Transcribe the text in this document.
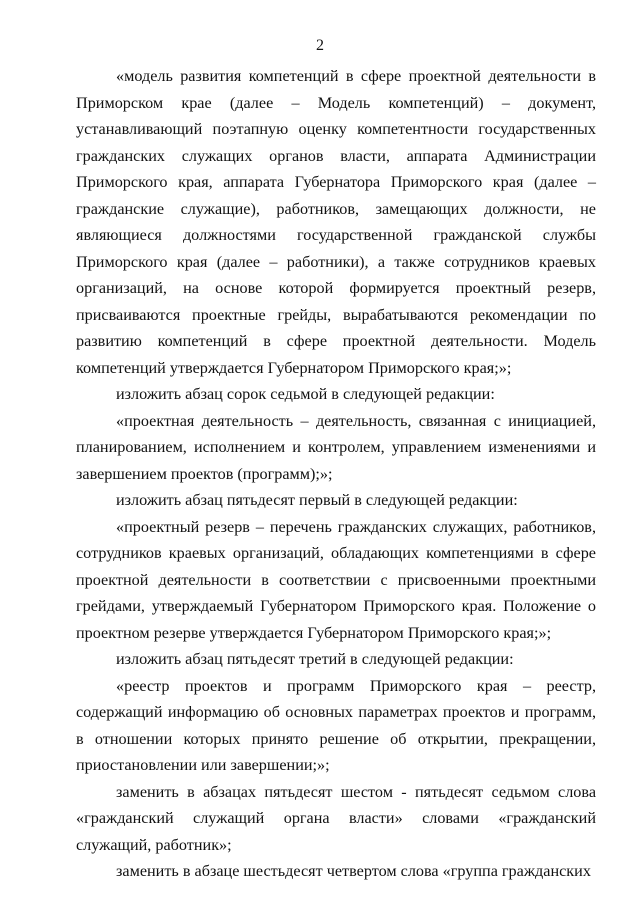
2

«модель развития компетенций в сфере проектной деятельности в Приморском крае (далее – Модель компетенций) – документ, устанавливающий поэтапную оценку компетентности государственных гражданских служащих органов власти, аппарата Администрации Приморского края, аппарата Губернатора Приморского края (далее – гражданские служащие), работников, замещающих должности, не являющиеся должностями государственной гражданской службы Приморского края (далее – работники), а также сотрудников краевых организаций, на основе которой формируется проектный резерв, присваиваются проектные грейды, вырабатываются рекомендации по развитию компетенций в сфере проектной деятельности. Модель компетенций утверждается Губернатором Приморского края;»;

изложить абзац сорок седьмой в следующей редакции:

«проектная деятельность – деятельность, связанная с инициацией, планированием, исполнением и контролем, управлением изменениями и завершением проектов (программ);»;

изложить абзац пятьдесят первый в следующей редакции:

«проектный резерв – перечень гражданских служащих, работников, сотрудников краевых организаций, обладающих компетенциями в сфере проектной деятельности в соответствии с присвоенными проектными грейдами, утверждаемый Губернатором Приморского края. Положение о проектном резерве утверждается Губернатором Приморского края;»;

изложить абзац пятьдесят третий в следующей редакции:

«реестр проектов и программ Приморского края – реестр, содержащий информацию об основных параметрах проектов и программ, в отношении которых принято решение об открытии, прекращении, приостановлении или завершении;»;

заменить в абзацах пятьдесят шестом - пятьдесят седьмом слова «гражданский служащий органа власти» словами «гражданский служащий, работник»;

заменить в абзаце шестьдесят четвертом слова «группа гражданских
